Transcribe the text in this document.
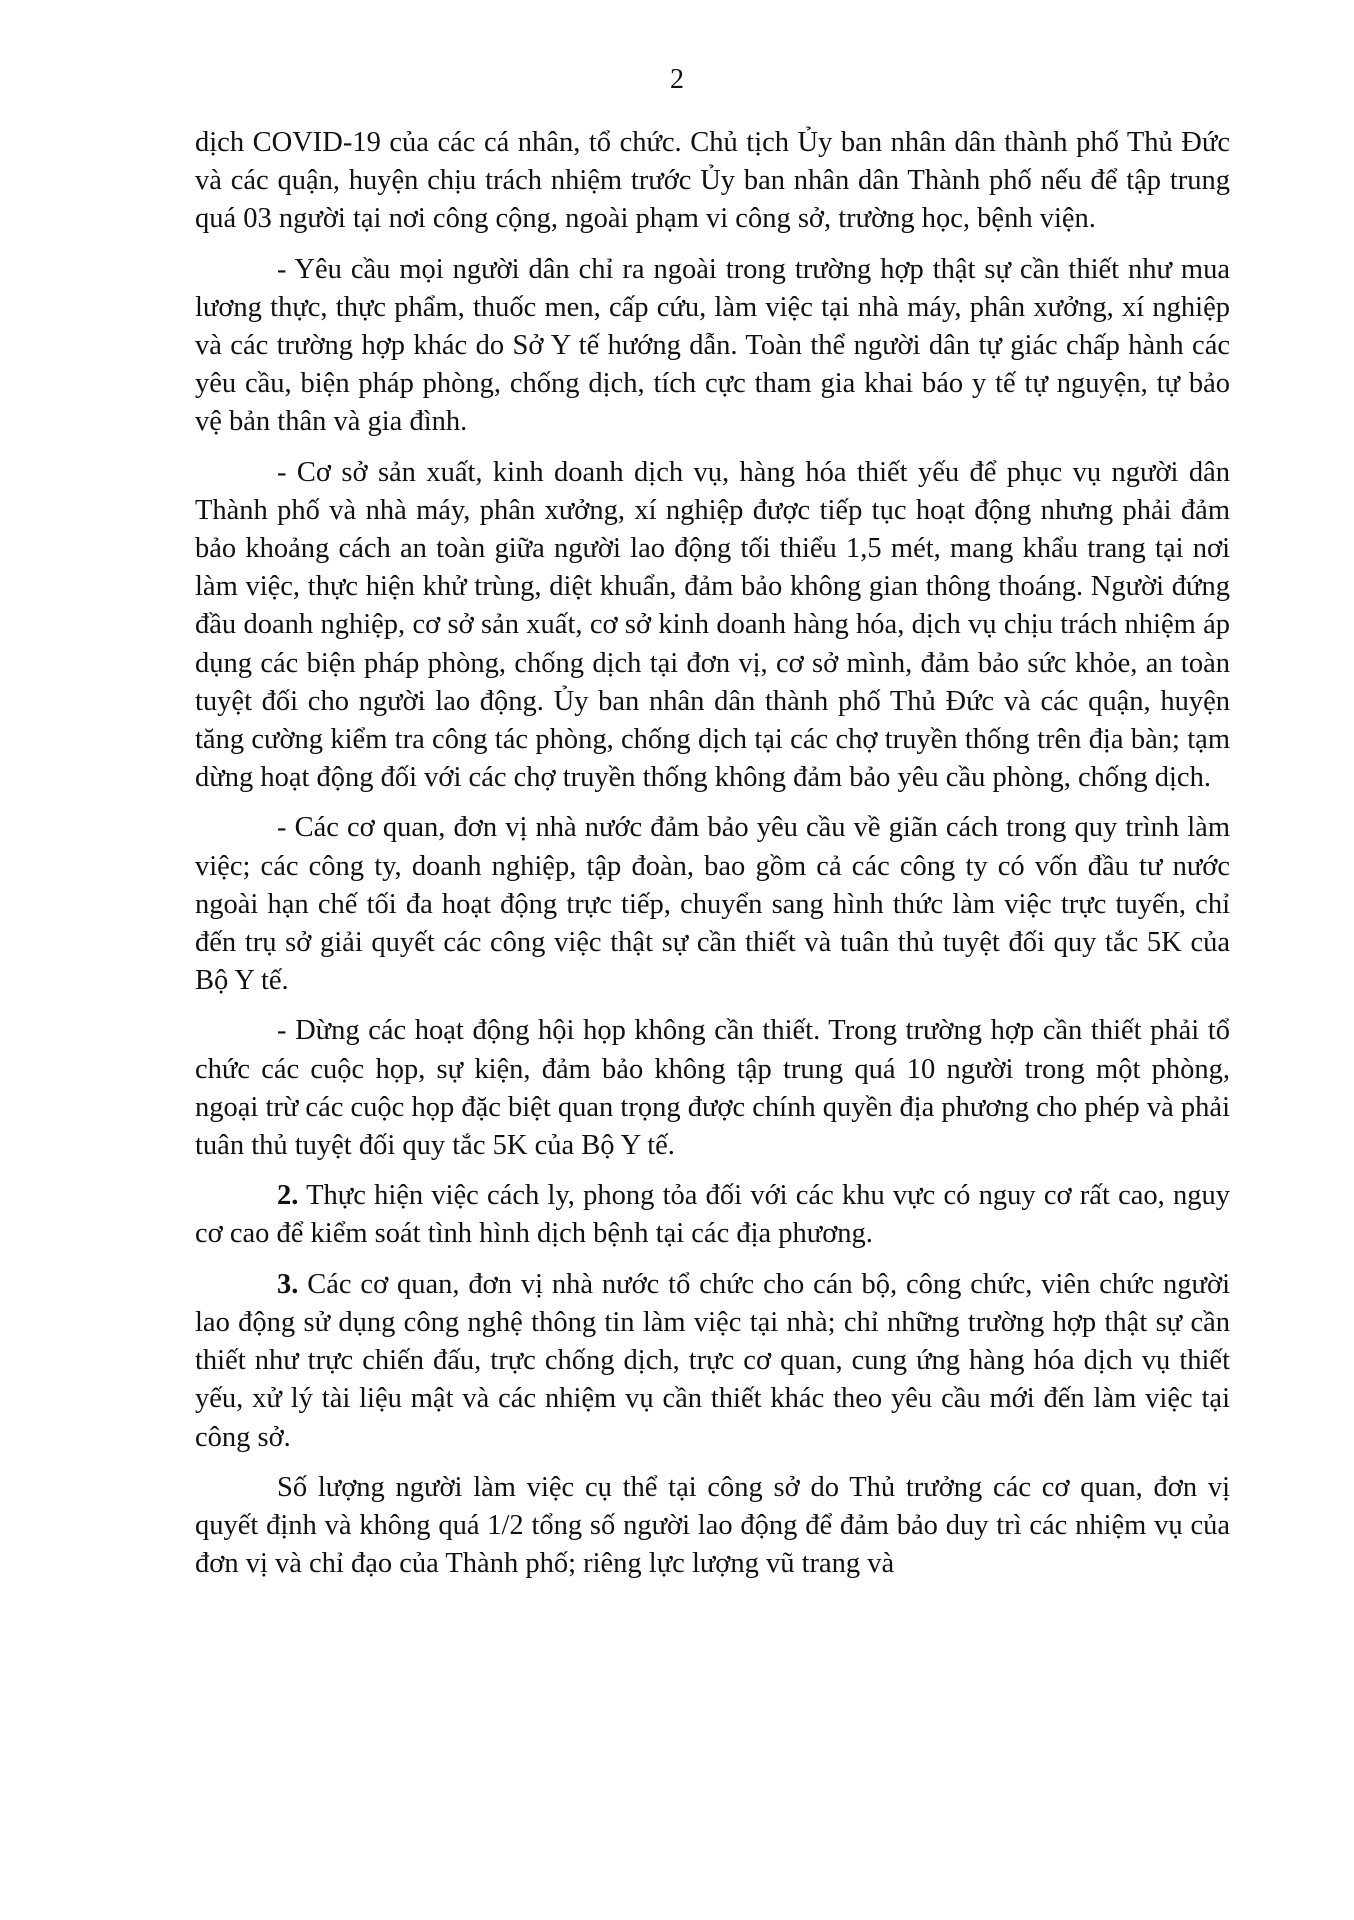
2

dịch COVID-19 của các cá nhân, tổ chức. Chủ tịch Ủy ban nhân dân thành phố Thủ Đức và các quận, huyện chịu trách nhiệm trước Ủy ban nhân dân Thành phố nếu để tập trung quá 03 người tại nơi công cộng, ngoài phạm vi công sở, trường học, bệnh viện.

- Yêu cầu mọi người dân chỉ ra ngoài trong trường hợp thật sự cần thiết như mua lương thực, thực phẩm, thuốc men, cấp cứu, làm việc tại nhà máy, phân xưởng, xí nghiệp và các trường hợp khác do Sở Y tế hướng dẫn. Toàn thể người dân tự giác chấp hành các yêu cầu, biện pháp phòng, chống dịch, tích cực tham gia khai báo y tế tự nguyện, tự bảo vệ bản thân và gia đình.

- Cơ sở sản xuất, kinh doanh dịch vụ, hàng hóa thiết yếu để phục vụ người dân Thành phố và nhà máy, phân xưởng, xí nghiệp được tiếp tục hoạt động nhưng phải đảm bảo khoảng cách an toàn giữa người lao động tối thiểu 1,5 mét, mang khẩu trang tại nơi làm việc, thực hiện khử trùng, diệt khuẩn, đảm bảo không gian thông thoáng. Người đứng đầu doanh nghiệp, cơ sở sản xuất, cơ sở kinh doanh hàng hóa, dịch vụ chịu trách nhiệm áp dụng các biện pháp phòng, chống dịch tại đơn vị, cơ sở mình, đảm bảo sức khỏe, an toàn tuyệt đối cho người lao động. Ủy ban nhân dân thành phố Thủ Đức và các quận, huyện tăng cường kiểm tra công tác phòng, chống dịch tại các chợ truyền thống trên địa bàn; tạm dừng hoạt động đối với các chợ truyền thống không đảm bảo yêu cầu phòng, chống dịch.

- Các cơ quan, đơn vị nhà nước đảm bảo yêu cầu về giãn cách trong quy trình làm việc; các công ty, doanh nghiệp, tập đoàn, bao gồm cả các công ty có vốn đầu tư nước ngoài hạn chế tối đa hoạt động trực tiếp, chuyển sang hình thức làm việc trực tuyến, chỉ đến trụ sở giải quyết các công việc thật sự cần thiết và tuân thủ tuyệt đối quy tắc 5K của Bộ Y tế.

- Dừng các hoạt động hội họp không cần thiết. Trong trường hợp cần thiết phải tổ chức các cuộc họp, sự kiện, đảm bảo không tập trung quá 10 người trong một phòng, ngoại trừ các cuộc họp đặc biệt quan trọng được chính quyền địa phương cho phép và phải tuân thủ tuyệt đối quy tắc 5K của Bộ Y tế.

2. Thực hiện việc cách ly, phong tỏa đối với các khu vực có nguy cơ rất cao, nguy cơ cao để kiểm soát tình hình dịch bệnh tại các địa phương.

3. Các cơ quan, đơn vị nhà nước tổ chức cho cán bộ, công chức, viên chức người lao động sử dụng công nghệ thông tin làm việc tại nhà; chỉ những trường hợp thật sự cần thiết như trực chiến đấu, trực chống dịch, trực cơ quan, cung ứng hàng hóa dịch vụ thiết yếu, xử lý tài liệu mật và các nhiệm vụ cần thiết khác theo yêu cầu mới đến làm việc tại công sở.

Số lượng người làm việc cụ thể tại công sở do Thủ trưởng các cơ quan, đơn vị quyết định và không quá 1/2 tổng số người lao động để đảm bảo duy trì các nhiệm vụ của đơn vị và chỉ đạo của Thành phố; riêng lực lượng vũ trang và
